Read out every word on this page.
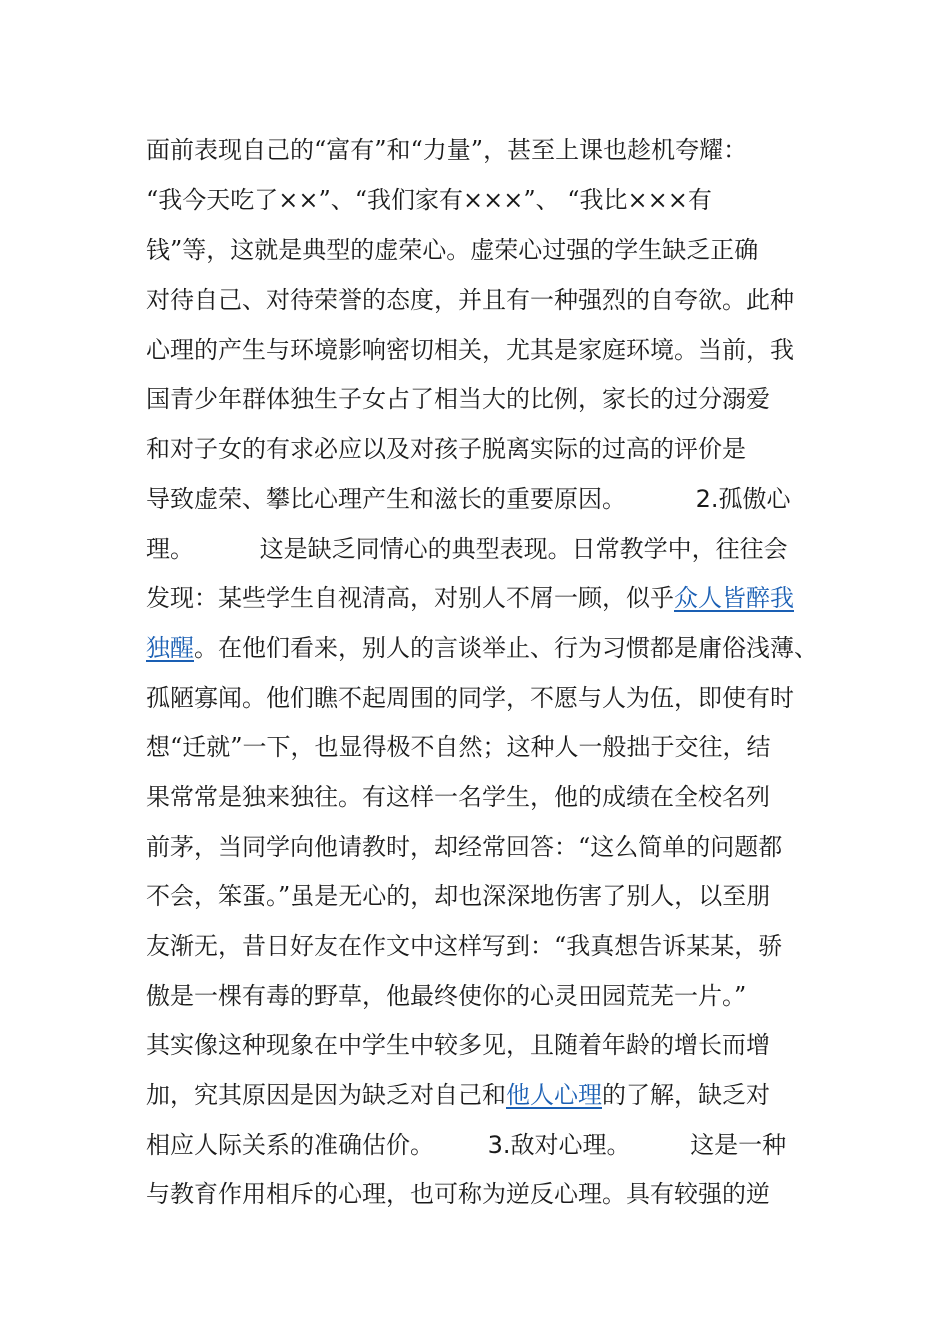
面前表现自己的“富有”和“力量”，甚至上课也趁机夸耀：
“我今天吃了××”、“我们家有×××”、 “我比×××有
钱”等，这就是典型的虚荣心。虚荣心过强的学生缺乏正确
对待自己、对待荣誉的态度，并且有一种强烈的自夸欲。此种
心理的产生与环境影响密切相关，尤其是家庭环境。当前，我
国青少年群体独生子女占了相当大的比例，家长的过分溺爱
和对子女的有求必应以及对孩子脱离实际的过高的评价是
导致虚荣、攀比心理产生和滋长的重要原因。	2.孤傲心
理。	这是缺乏同情心的典型表现。日常教学中，往往会
发现：某些学生自视清高，对别人不屑一顾，似乎众人皆醉我
独醒。在他们看来，别人的言谈举止、行为习惯都是庸俗浅薄、
孤陋寡闻。他们瞧不起周围的同学，不愿与人为伍，即使有时
想“迁就”一下，也显得极不自然；这种人一般拙于交往，结
果常常是独来独往。有这样一名学生，他的成绩在全校名列
前茅，当同学向他请教时，却经常回答：“这么简单的问题都
不会，笨蛋。”虽是无心的，却也深深地伤害了别人，以至朋
友渐无，昔日好友在作文中这样写到：“我真想告诉某某，骄
傲是一棵有毒的野草，他最终使你的心灵田园荒芜一片。”
其实像这种现象在中学生中较多见，且随着年龄的增长而增
加，究其原因是因为缺乏对自己和他人心理的了解，缺乏对
相应人际关系的准确估价。 3.敌对心理。 这是一种
与教育作用相斥的心理，也可称为逆反心理。具有较强的逆
